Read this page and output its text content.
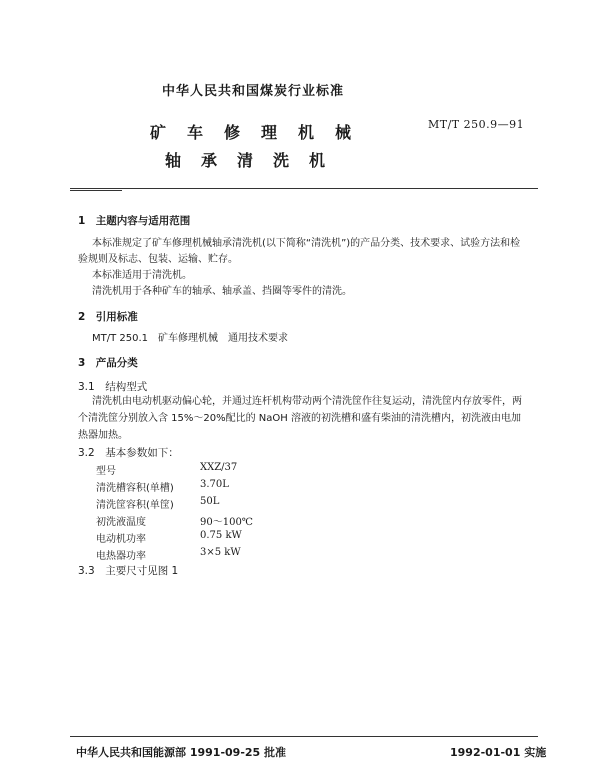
中华人民共和国煤炭行业标准
MT/T 250.9—91
矿车修理机械
轴承清洗机
1　主题内容与适用范围
本标准规定了矿车修理机械轴承清洗机(以下简称“清洗机”)的产品分类、技术要求、试验方法和检
验规则及标志、包装、运输、贮存。
本标准适用于清洗机。
清洗机用于各种矿车的轴承、轴承盖、挡圈等零件的清洗。
2　引用标准
MT/T 250.1　矿车修理机械　通用技术要求
3　产品分类
3.1　结构型式
清洗机由电动机驱动偏心轮，并通过连杆机构带动两个清洗筐作往复运动，清洗筐内存放零件，两
个清洗筐分别放入含 15%～20%配比的 NaOH 溶液的初洗槽和盛有柴油的清洗槽内，初洗液由电加
热器加热。
3.2　基本参数如下：
型号	XXZ/37
清洗槽容积(单槽)	3.70L
清洗筐容积(单筐)	50L
初洗液温度	90～100℃
电动机功率	0.75 kW
电热器功率	3×5 kW
3.3　主要尺寸见图 1
中华人民共和国能源部 1991-09-25 批准	1992-01-01 实施
